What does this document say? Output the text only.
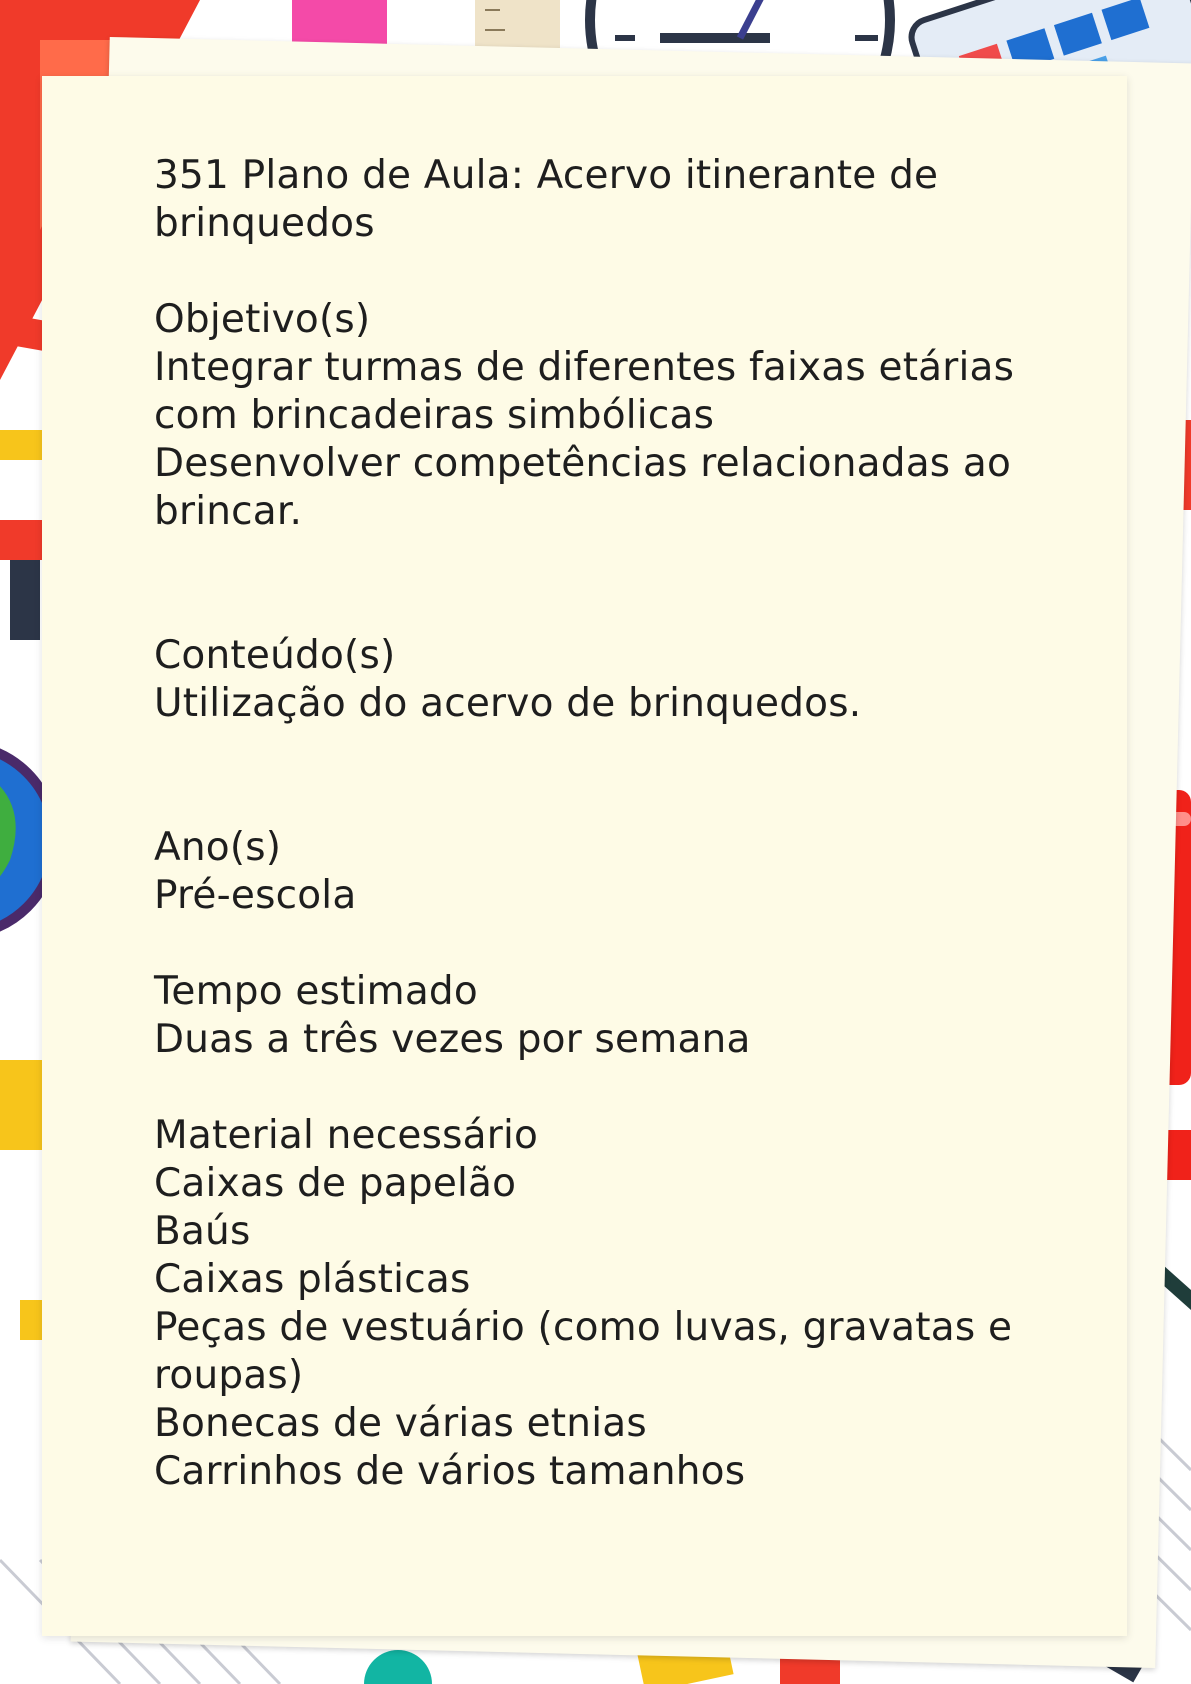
351 Plano de Aula: Acervo itinerante de
brinquedos
Objetivo(s)
Integrar turmas de diferentes faixas etárias
com brincadeiras simbólicas
Desenvolver competências relacionadas ao
brincar.
Conteúdo(s)
Utilização do acervo de brinquedos.
Ano(s)
Pré-escola
Tempo estimado
Duas a três vezes por semana
Material necessário
Caixas de papelão
Baús
Caixas plásticas
Peças de vestuário (como luvas, gravatas e
roupas)
Bonecas de várias etnias
Carrinhos de vários tamanhos
